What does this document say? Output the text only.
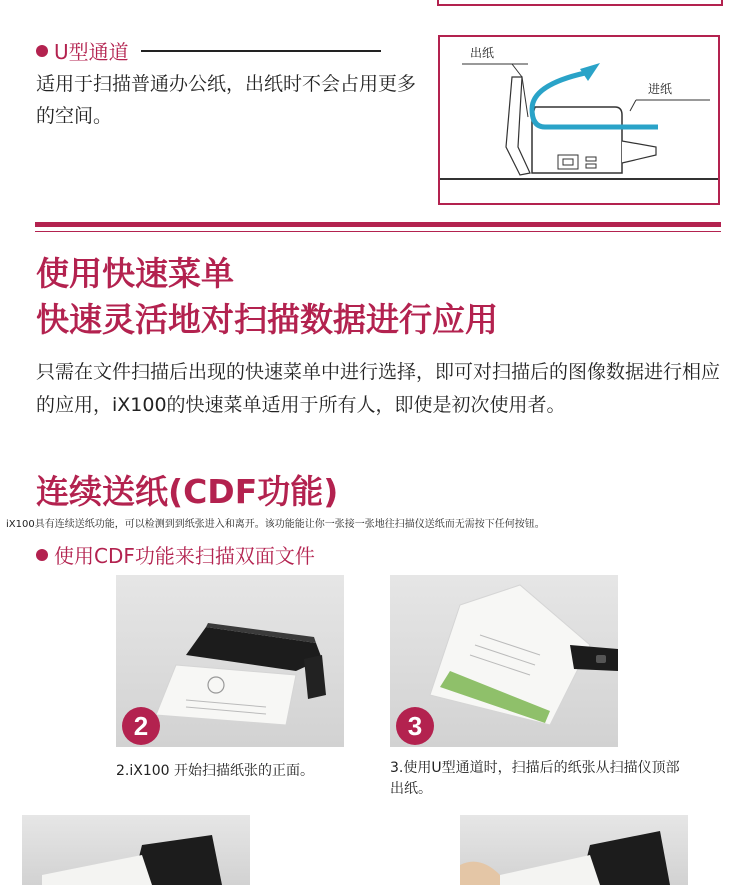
U型通道
适用于扫描普通办公纸，出纸时不会占用更多的空间。
出纸
进纸
使用快速菜单
快速灵活地对扫描数据进行应用
只需在文件扫描后出现的快速菜单中进行选择，即可对扫描后的图像数据进行相应的应用，iX100的快速菜单适用于所有人，即使是初次使用者。
连续送纸(CDF功能)
iX100具有连续送纸功能，可以检测到到纸张进入和离开。该功能能让你一张接一张地往扫描仪送纸而无需按下任何按钮。
使用CDF功能来扫描双面文件
2	3
2.iX100 开始扫描纸张的正面。	3.使用U型通道时，扫描后的纸张从扫描仪顶部出纸。
